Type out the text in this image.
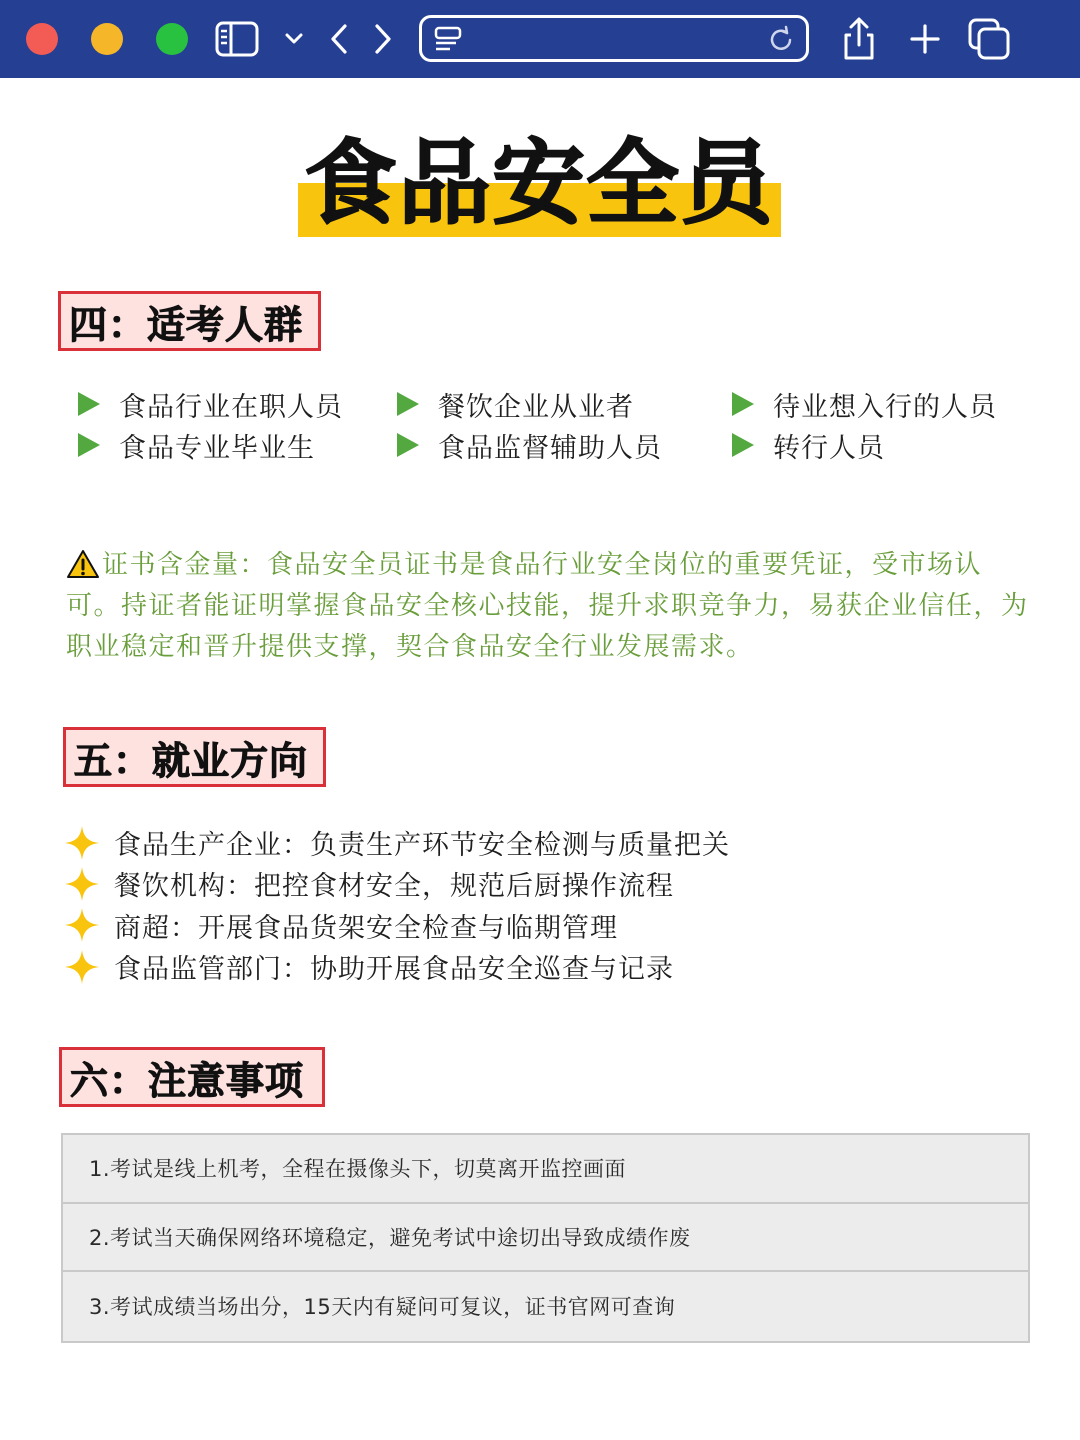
食品安全员
四：适考人群
食品行业在职人员	餐饮企业从业者	待业想入行的人员
食品专业毕业生	食品监督辅助人员	转行人员
证书含金量：食品安全员证书是食品行业安全岗位的重要凭证，受市场认可。持证者能证明掌握食品安全核心技能，提升求职竞争力，易获企业信任，为职业稳定和晋升提供支撑，契合食品安全行业发展需求。
五：就业方向
食品生产企业：负责生产环节安全检测与质量把关
餐饮机构：把控食材安全，规范后厨操作流程
商超：开展食品货架安全检查与临期管理
食品监管部门：协助开展食品安全巡查与记录
六：注意事项
1.考试是线上机考，全程在摄像头下，切莫离开监控画面
2.考试当天确保网络环境稳定，避免考试中途切出导致成绩作废
3.考试成绩当场出分，15天内有疑问可复议，证书官网可查询
